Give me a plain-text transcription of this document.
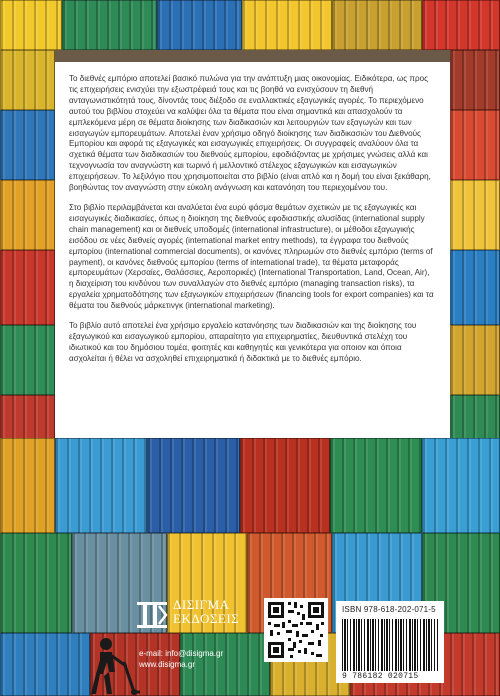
Το διεθνές εμπόριο αποτελεί βασικό πυλώνα για την ανάπτυξη μιας οικονομίας. Ειδικότερα, ως προς τις επιχειρήσεις ενισχύει την εξωστρέφειά τους και τις βοηθά να ενισχύσουν τη διεθνή ανταγωνιστικότητά τους, δίνοντάς τους διέξοδο σε εναλλακτικές εξαγωγικές αγορές. Το περιεχόμενο αυτού του βιβλίου στοχεύει να καλύψει όλα τα θέματα που είναι σημαντικά και απασχολούν τα εμπλεκόμενα μέρη σε θέματα διοίκησης των διαδικασιών και λειτουργιών των εξαγωγών και των εισαγωγών εμπορευμάτων. Αποτελεί έναν χρήσιμο οδηγό διοίκησης των διαδικασιών του Διεθνούς Εμπορίου και αφορά τις εξαγωγικές και εισαγωγικές επιχειρήσεις. Οι συγγραφείς αναλύουν όλα τα σχετικά θέματα των διαδικασιών του διεθνούς εμπορίου, εφοδιάζοντας με χρήσιμες γνώσεις αλλά και τεχνογνωσία τον αναγνώστη και τωρινό ή μελλοντικό στέλεχος εξαγωγικών και εισαγωγικών επιχειρήσεων. Το λεξιλόγιο που χρησιμοποιείται στο βιβλίο (είναι απλό και η δομή του είναι ξεκάθαρη, βοηθώντας τον αναγνώστη στην εύκολη ανάγνωση και κατανόηση του περιεχομένου του.

Στο βιβλίο περιλαμβάνεται και αναλύεται ένα ευρύ φάσμα θεμάτων σχετικών με τις εξαγωγικές και εισαγωγικές διαδικασίες, όπως η διοίκηση της διεθνούς εφοδιαστικής αλυσίδας (international supply chain management) και οι διεθνείς υποδομές (international infrastructure), οι μέθοδοι εξαγωγικής εισόδου σε νέες διεθνείς αγορές (international market entry methods), τα έγγραφα του διεθνούς εμπορίου (international commercial documents), οι κανόνες πληρωμών στο διεθνές εμπόριο (terms of payment), οι κανόνες διεθνούς εμπορίου (terms of international trade), τα θέματα μεταφοράς εμπορευμάτων (Χερσαίες, Θαλάσσιες, Αεροπορικές) (International Transportation, Land, Ocean, Air), η διαχείριση του κινδύνου των συναλλαγών στο διεθνές εμπόριο (managing transaction risks), τα εργαλεία χρηματοδότησης των εξαγωγικών επιχειρήσεων (financing tools for export companies) και τα θέματα του διεθνούς μάρκετινγκ (international marketing).

Το βιβλίο αυτό αποτελεί ένα χρήσιμο εργαλείο κατανόησης των διαδικασιών και της διοίκησης του εξαγωγικού και εισαγωγικού εμπορίου, απαραίτητο για επιχειρηματίες, διευθυντικά στελέχη του ιδιωτικού και του δημόσιου τομέα, φοιτητές και καθηγητές και γενικότερα για οποιον και όποια ασχολείται ή θέλει να ασχοληθεί επιχειρηματικά ή διδακτικά με το διεθνές εμπόριο.

ΔΙΣΙΓΜΑ
ΕΚΔΟΣΕΙΣ
e-mail: info@disigma.gr
www.disigma.gr
ISBN 978-618-202-071-5
9 786182 020715
